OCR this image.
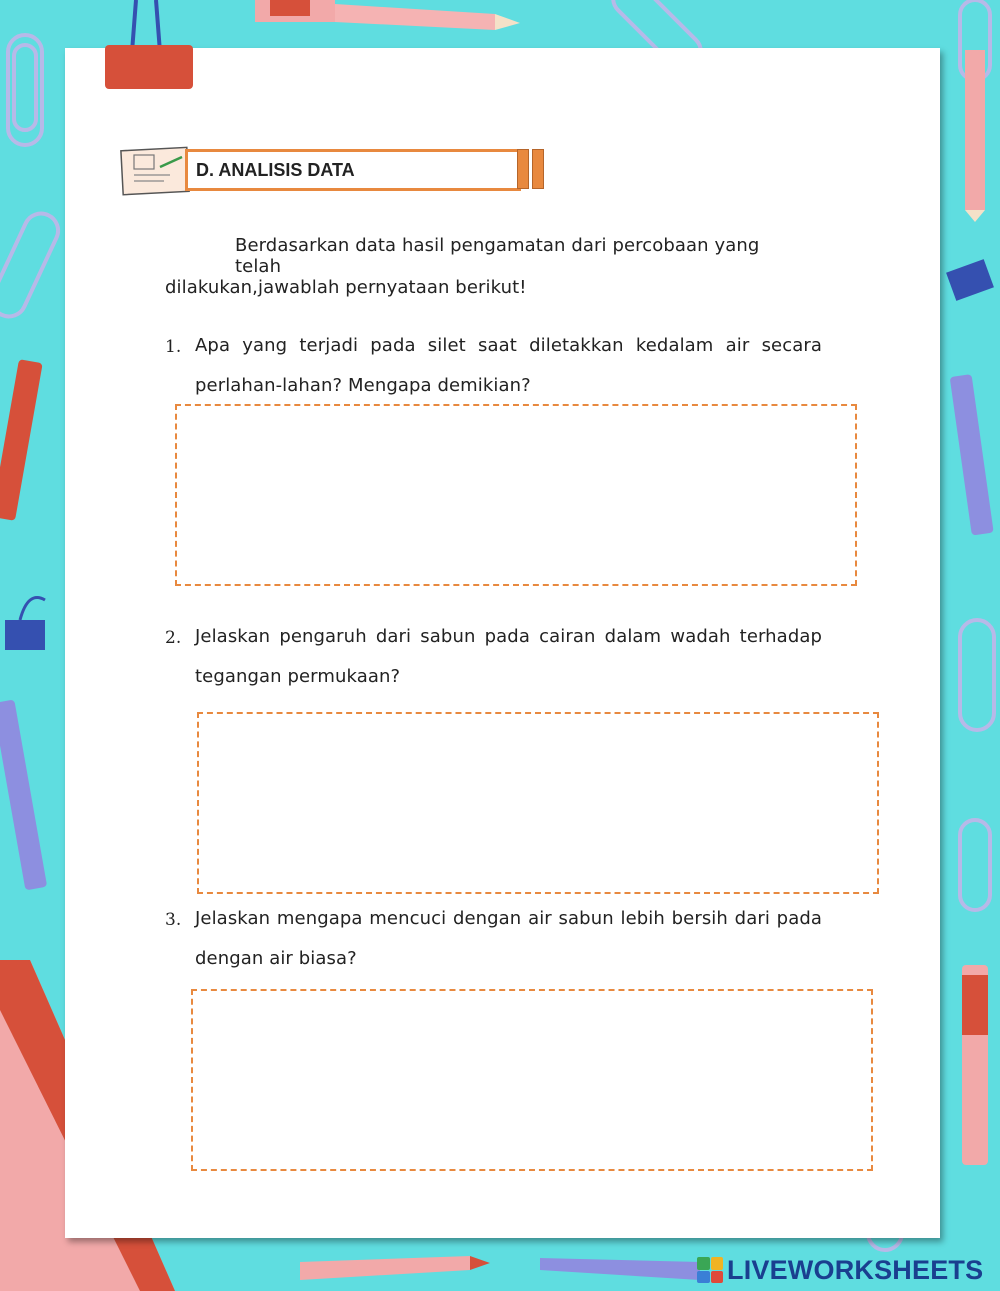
D. ANALISIS DATA
Berdasarkan data hasil pengamatan dari percobaan yang telah
dilakukan,jawablah pernyataan berikut!
1. Apa yang terjadi pada silet saat diletakkan kedalam air secara
perlahan-lahan? Mengapa demikian?
2. Jelaskan pengaruh dari sabun pada cairan dalam wadah terhadap
tegangan permukaan?
3. Jelaskan mengapa mencuci dengan air sabun lebih bersih dari pada
dengan air biasa?
LIVEWORKSHEETS
